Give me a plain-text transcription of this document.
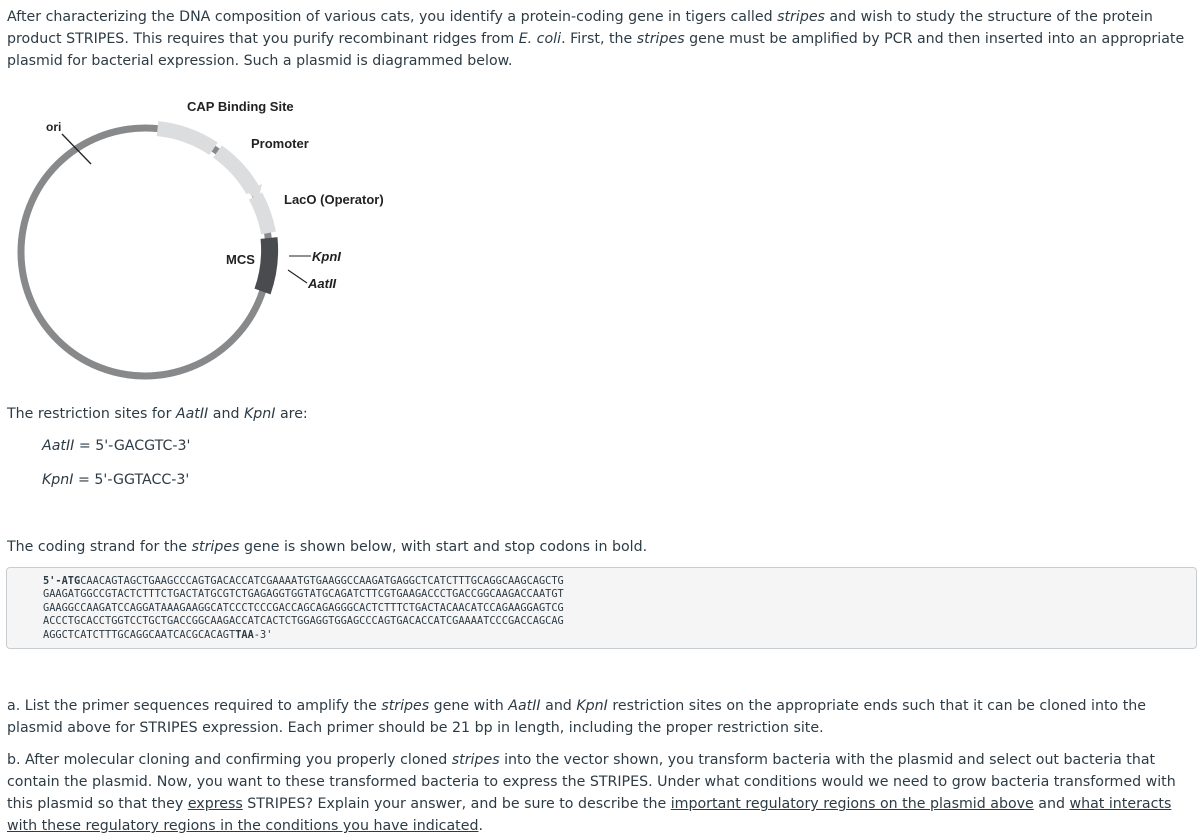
After characterizing the DNA composition of various cats, you identify a protein-coding gene in tigers called stripes and wish to study the structure of the protein product STRIPES. This requires that you purify recombinant ridges from E. coli. First, the stripes gene must be amplified by PCR and then inserted into an appropriate plasmid for bacterial expression. Such a plasmid is diagrammed below.

ori
CAP Binding Site
Promoter
LacO (Operator)
MCS	KpnI
AatII

The restriction sites for AatII and KpnI are:

AatII = 5'-GACGTC-3'

KpnI = 5'-GGTACC-3'

The coding strand for the stripes gene is shown below, with start and stop codons in bold.

5'-ATGCAACAGTAGCTGAAGCCCAGTGACACCATCGAAAATGTGAAGGCCAAGATGAGGCTCATCTTTGCAGGCAAGCAGCTG
GAAGATGGCCGTACTCTTTCTGACTATGCGTCTGAGAGGTGGTATGCAGATCTTCGTGAAGACCCTGACCGGCAAGACCAATGT
GAAGGCCAAGATCCAGGATAAAGAAGGCATCCCTCCCGACCAGCAGAGGGCACTCTTTCTGACTACAACATCCAGAAGGAGTCG
ACCCTGCACCTGGTCCTGCTGACCGGCAAGACCATCACTCTGGAGGTGGAGCCCAGTGACACCATCGAAAATCCCGACCAGCAG
AGGCTCATCTTTGCAGGCAATCACGCACAGTTAA-3'

a. List the primer sequences required to amplify the stripes gene with AatII and KpnI restriction sites on the appropriate ends such that it can be cloned into the plasmid above for STRIPES expression. Each primer should be 21 bp in length, including the proper restriction site.

b. After molecular cloning and confirming you properly cloned stripes into the vector shown, you transform bacteria with the plasmid and select out bacteria that contain the plasmid. Now, you want to these transformed bacteria to express the STRIPES. Under what conditions would we need to grow bacteria transformed with this plasmid so that they express STRIPES? Explain your answer, and be sure to describe the important regulatory regions on the plasmid above and what interacts with these regulatory regions in the conditions you have indicated.
